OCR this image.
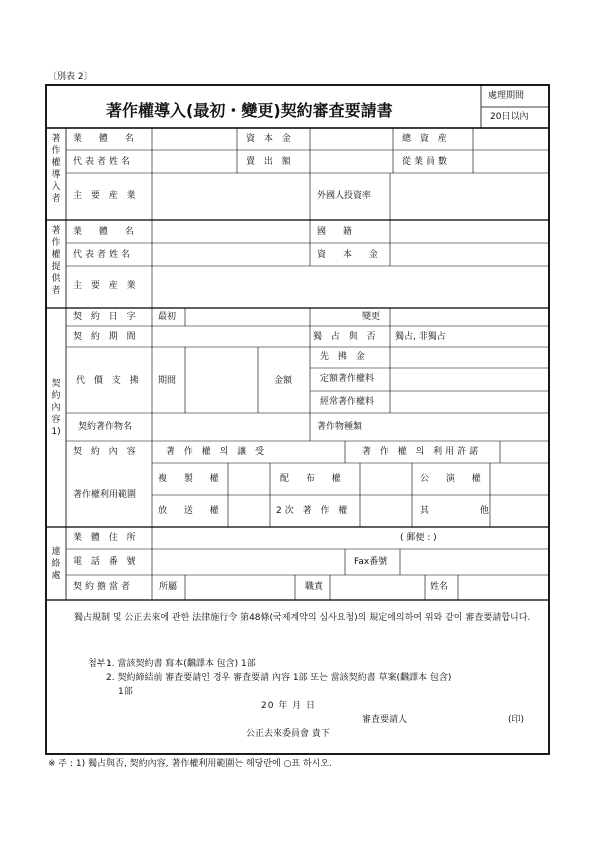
〔別表 2〕
著作權導入(最初・變更)契約審査要請書
處理期間
20日以內
著作權導入者
業 體 名	資 本 金	總 資 産
代表者姓名	賣 出 額	從業員數
主 要 産 業	外國人投資率
著作權提供者
業 體 名	國 籍
代表者姓名	資 本 金
主 要 産 業
契約內容 1)
契 約 日 字 最初	變更
契 約 期 間	獨 占 與 否 獨占, 非獨占
代 價 支 拂 期間	金額
先 拂 金
定額著作權料
經常著作權料
契約著作物名	著作物種類
契 約 內 容	著 作 權 의 讓 受	著 作 權 의 利用許諾
著作權利用範圍
複 製 權	配 布 權	公 演 權
放 送 權	2次 著 作 權	其 他
連絡處
業 體 住 所	( 郵便 : )
電 話 番 號	Fax番號
契約擔當者	所屬	職責	姓名
獨占規制 및 公正去來에 관한 法律施行令 第48條(국제계약의 심사요청)의 規定에의하여 위와 같이 審査要請합니다.
첨부 :
1. 當該契約書 寫本(飜譯本 包含) 1部
2. 契約締結前 審査要請인 경우 審査要請 內容 1部 또는 當該契約書 草案(飜譯本 包含)
1部
20 年 月 日
審査要請人	(印)
公正去來委員會 貴下
※ 주 : 1) 獨占與否, 契約內容, 著作權利用範圍는 해당란에 ○표 하시오.
